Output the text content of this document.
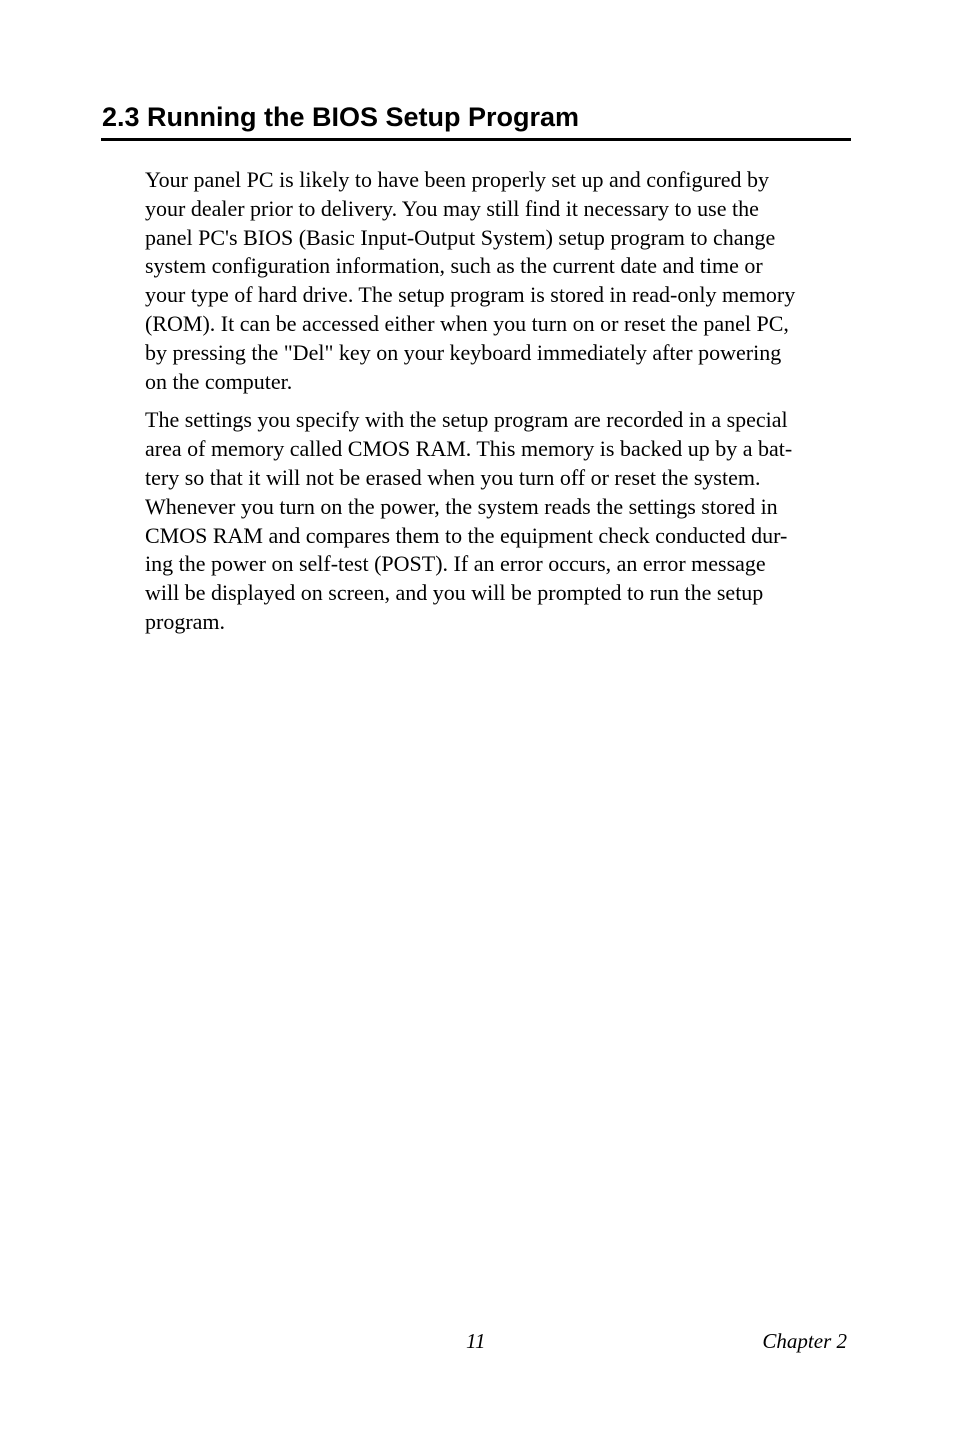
2.3 Running the BIOS Setup Program

Your panel PC is likely to have been properly set up and configured by
your dealer prior to delivery. You may still find it necessary to use the
panel PC's BIOS (Basic Input-Output System) setup program to change
system configuration information, such as the current date and time or
your type of hard drive. The setup program is stored in read-only memory
(ROM). It can be accessed either when you turn on or reset the panel PC,
by pressing the "Del" key on your keyboard immediately after powering
on the computer.

The settings you specify with the setup program are recorded in a special
area of memory called CMOS RAM. This memory is backed up by a bat-
tery so that it will not be erased when you turn off or reset the system.
Whenever you turn on the power, the system reads the settings stored in
CMOS RAM and compares them to the equipment check conducted dur-
ing the power on self-test (POST). If an error occurs, an error message
will be displayed on screen, and you will be prompted to run the setup
program.

11	Chapter 2
